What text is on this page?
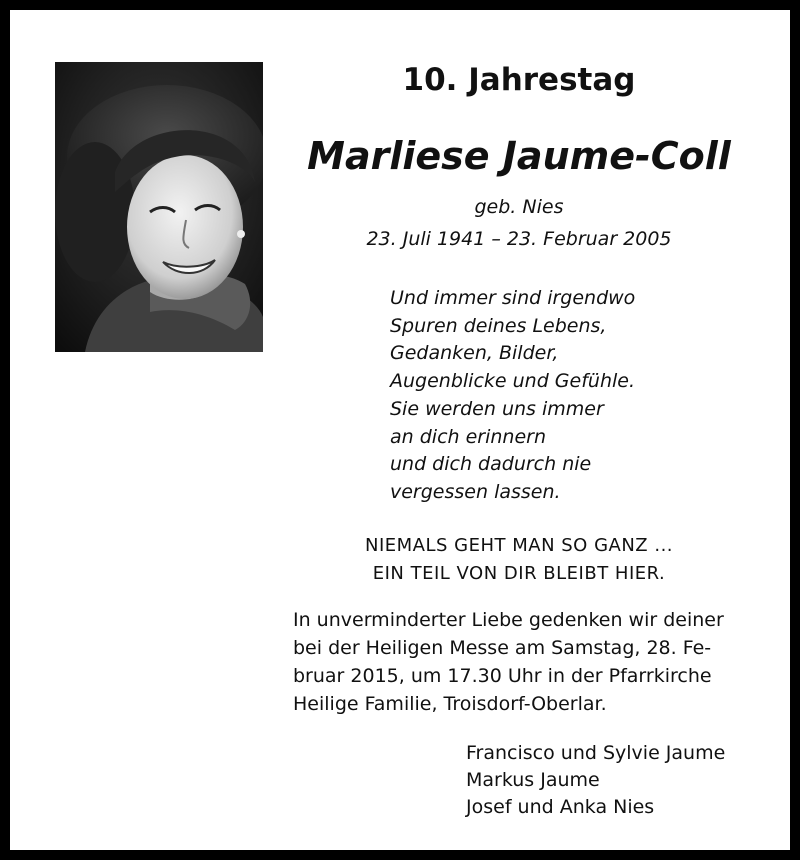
10. Jahrestag
Marliese Jaume-Coll

geb. Nies

23. Juli 1941 – 23. Februar 2005

Und immer sind irgendwo
Spuren deines Lebens,
Gedanken, Bilder,
Augenblicke und Gefühle.
Sie werden uns immer
an dich erinnern
und dich dadurch nie
vergessen lassen.
NIEMALS GEHT MAN SO GANZ ...
EIN TEIL VON DIR BLEIBT HIER.
In unverminderter Liebe gedenken wir deiner
bei der Heiligen Messe am Samstag, 28. Fe-
bruar 2015, um 17.30 Uhr in der Pfarrkirche
Heilige Familie, Troisdorf-Oberlar.
Francisco und Sylvie Jaume
Markus Jaume
Josef und Anka Nies
